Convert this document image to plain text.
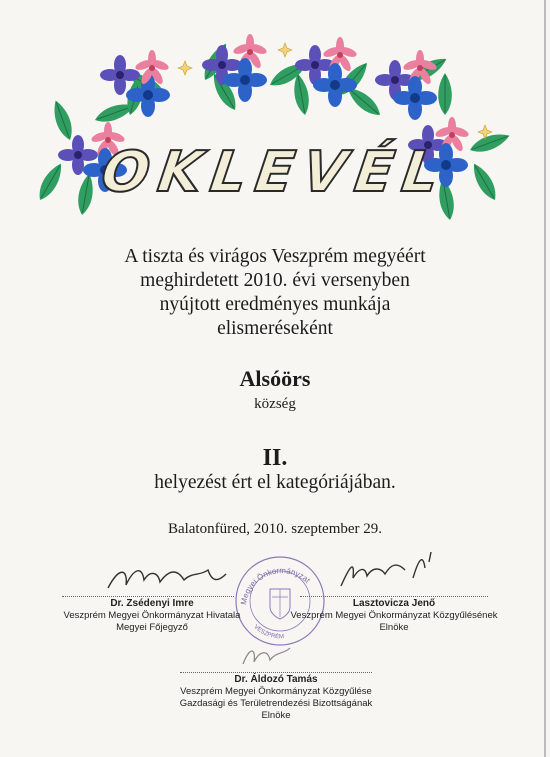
OKLEVÉL
A tiszta és virágos Veszprém megyéért
meghirdetett 2010. évi versenyben
nyújtott eredményes munkája
elismeréseként
Alsóörs
község
II.
helyezést ért el kategóriájában.
Balatonfüred, 2010. szeptember 29.
Megyei Önkormányzat
VESZPRÉM
Dr. Zsédenyi Imre
Veszprém Megyei Önkormányzat Hivatala
Megyei Főjegyző
Lasztovicza Jenő
Veszprém Megyei Önkormányzat Közgyűlésének
Elnöke
Dr. Áldozó Tamás
Veszprém Megyei Önkormányzat Közgyűlése
Gazdasági és Területrendezési Bizottságának
Elnöke
